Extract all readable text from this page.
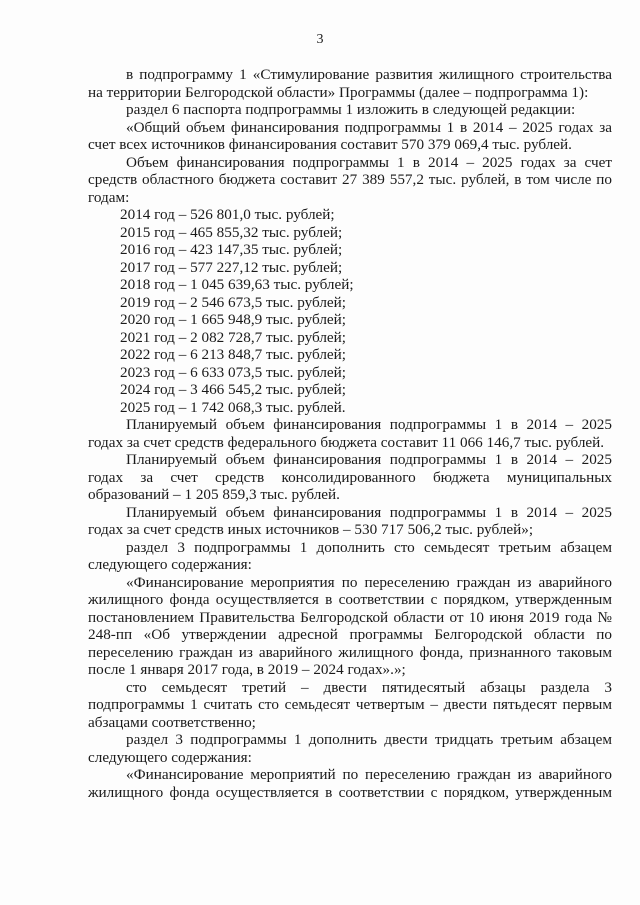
3

в подпрограмму 1 «Стимулирование развития жилищного строительства на территории Белгородской области» Программы (далее – подпрограмма 1):

раздел 6 паспорта подпрограммы 1 изложить в следующей редакции:

«Общий объем финансирования подпрограммы 1 в 2014 – 2025 годах за счет всех источников финансирования составит 570 379 069,4 тыс. рублей.

Объем финансирования подпрограммы 1 в 2014 – 2025 годах за счет средств областного бюджета составит 27 389 557,2 тыс. рублей, в том числе по годам:

2014 год – 526 801,0 тыс. рублей;
2015 год – 465 855,32 тыс. рублей;
2016 год – 423 147,35 тыс. рублей;
2017 год – 577 227,12 тыс. рублей;
2018 год – 1 045 639,63 тыс. рублей;
2019 год – 2 546 673,5 тыс. рублей;
2020 год – 1 665 948,9 тыс. рублей;
2021 год – 2 082 728,7 тыс. рублей;
2022 год – 6 213 848,7 тыс. рублей;
2023 год – 6 633 073,5 тыс. рублей;
2024 год – 3 466 545,2 тыс. рублей;
2025 год – 1 742 068,3 тыс. рублей.

Планируемый объем финансирования подпрограммы 1 в 2014 – 2025 годах за счет средств федерального бюджета составит 11 066 146,7 тыс. рублей.

Планируемый объем финансирования подпрограммы 1 в 2014 – 2025 годах за счет средств консолидированного бюджета муниципальных образований – 1 205 859,3 тыс. рублей.

Планируемый объем финансирования подпрограммы 1 в 2014 – 2025 годах за счет средств иных источников – 530 717 506,2 тыс. рублей»;

раздел 3 подпрограммы 1 дополнить сто семьдесят третьим абзацем следующего содержания:

«Финансирование мероприятия по переселению граждан из аварийного жилищного фонда осуществляется в соответствии с порядком, утвержденным постановлением Правительства Белгородской области от 10 июня 2019 года № 248-пп «Об утверждении адресной программы Белгородской области по переселению граждан из аварийного жилищного фонда, признанного таковым после 1 января 2017 года, в 2019 – 2024 годах».»;

сто семьдесят третий – двести пятидесятый абзацы раздела 3 подпрограммы 1 считать сто семьдесят четвертым – двести пятьдесят первым абзацами соответственно;

раздел 3 подпрограммы 1 дополнить двести тридцать третьим абзацем следующего содержания:

«Финансирование мероприятий по переселению граждан из аварийного жилищного фонда осуществляется в соответствии с порядком, утвержденным
